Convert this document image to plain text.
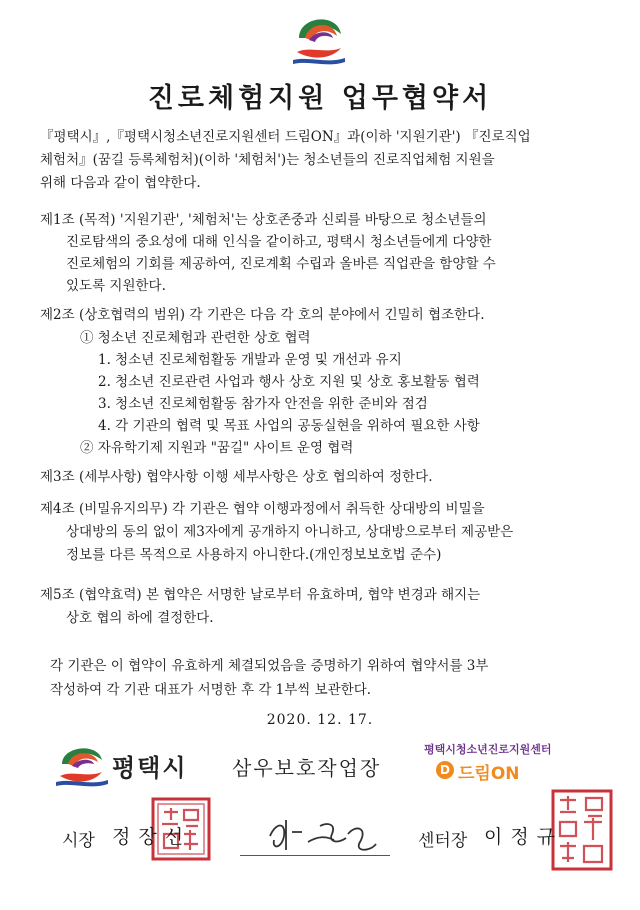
진로체험지원 업무협약서
『평택시』,『평택시청소년진로지원센터 드림ON』과(이하 '지원기관') 『진로직업
체험처』(꿈길 등록체험처)(이하 '체험처')는 청소년들의 진로직업체험 지원을
위해 다음과 같이 협약한다.
제1조 (목적) '지원기관', '체험처'는 상호존중과 신뢰를 바탕으로 청소년들의
진로탐색의 중요성에 대해 인식을 같이하고, 평택시 청소년들에게 다양한
진로체험의 기회를 제공하여, 진로계획 수립과 올바른 직업관을 함양할 수
있도록 지원한다.
제2조 (상호협력의 범위) 각 기관은 다음 각 호의 분야에서 긴밀히 협조한다.
① 청소년 진로체험과 관련한 상호 협력
1. 청소년 진로체험활동 개발과 운영 및 개선과 유지
2. 청소년 진로관련 사업과 행사 상호 지원 및 상호 홍보활동 협력
3. 청소년 진로체험활동 참가자 안전을 위한 준비와 점검
4. 각 기관의 협력 및 목표 사업의 공동실현을 위하여 필요한 사항
② 자유학기제 지원과 "꿈길" 사이트 운영 협력
제3조 (세부사항) 협약사항 이행 세부사항은 상호 협의하여 정한다.
제4조 (비밀유지의무) 각 기관은 협약 이행과정에서 취득한 상대방의 비밀을
상대방의 동의 없이 제3자에게 공개하지 아니하고, 상대방으로부터 제공받은
정보를 다른 목적으로 사용하지 아니한다.(개인정보보호법 준수)
제5조 (협약효력) 본 협약은 서명한 날로부터 유효하며, 협약 변경과 해지는
상호 협의 하에 결정한다.
각 기관은 이 협약이 유효하게 체결되었음을 증명하기 위하여 협약서를 3부
작성하여 각 기관 대표가 서명한 후 각 1부씩 보관한다.
2020. 12. 17.
평택시 삼우보호작업장
평택시청소년진로지원센터
D 드림ON
시장 정장선	센터장 이정규
